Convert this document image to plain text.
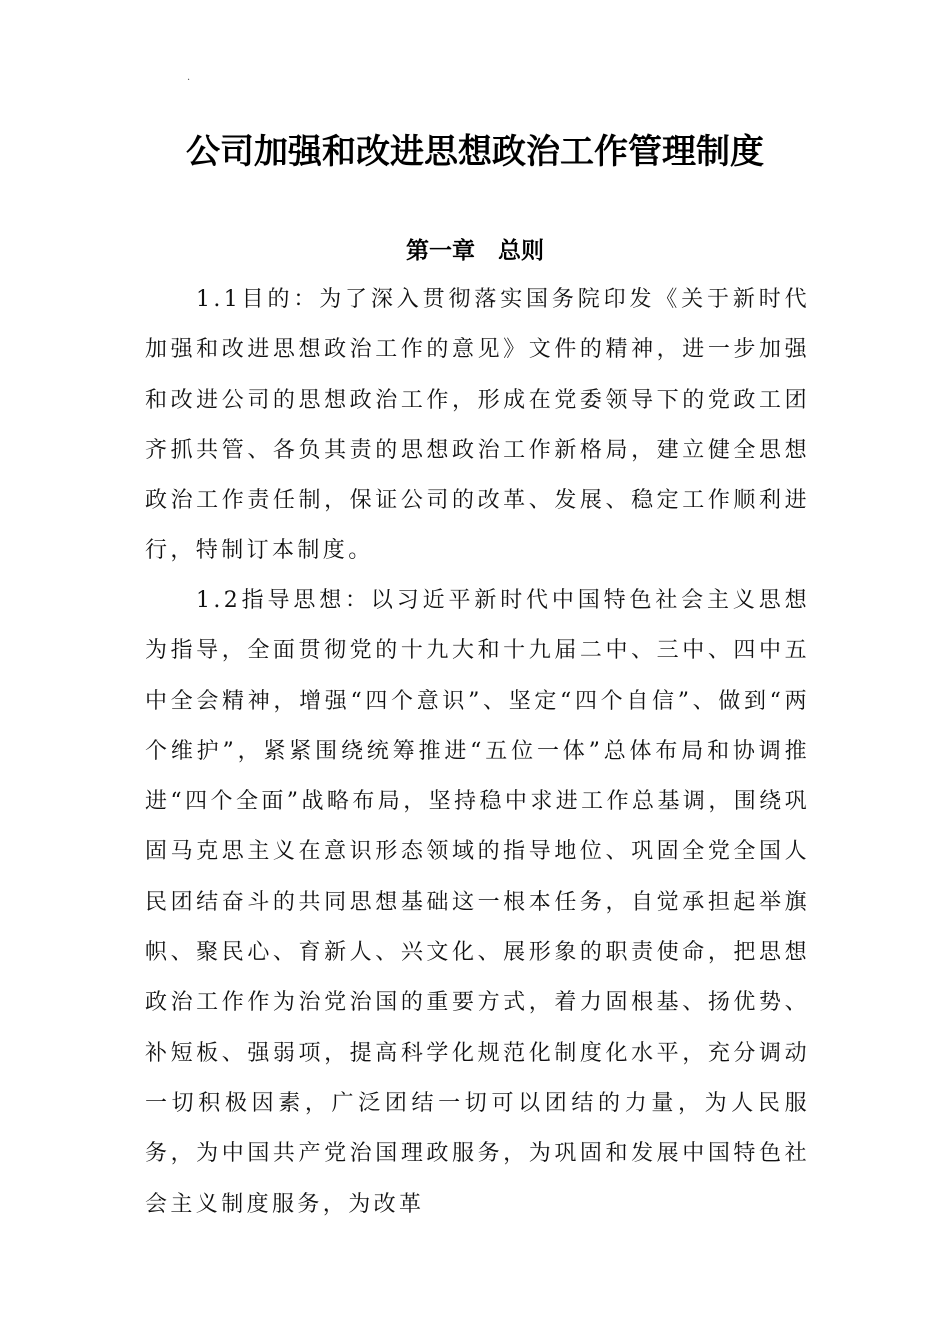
·
公司加强和改进思想政治工作管理制度
第一章　总则

1.1目的：为了深入贯彻落实国务院印发《关于新时代加强和改进思想政治工作的意见》文件的精神，进一步加强和改进公司的思想政治工作，形成在党委领导下的党政工团齐抓共管、各负其责的思想政治工作新格局，建立健全思想政治工作责任制，保证公司的改革、发展、稳定工作顺利进行，特制订本制度。

1.2指导思想：以习近平新时代中国特色社会主义思想为指导，全面贯彻党的十九大和十九届二中、三中、四中五中全会精神，增强“四个意识”、坚定“四个自信”、做到“两个维护”，紧紧围绕统筹推进“五位一体”总体布局和协调推进“四个全面”战略布局，坚持稳中求进工作总基调，围绕巩固马克思主义在意识形态领域的指导地位、巩固全党全国人民团结奋斗的共同思想基础这一根本任务，自觉承担起举旗帜、聚民心、育新人、兴文化、展形象的职责使命，把思想政治工作作为治党治国的重要方式，着力固根基、扬优势、补短板、强弱项，提高科学化规范化制度化水平，充分调动一切积极因素，广泛团结一切可以团结的力量，为人民服务，为中国共产党治国理政服务，为巩固和发展中国特色社会主义制度服务，为改革
